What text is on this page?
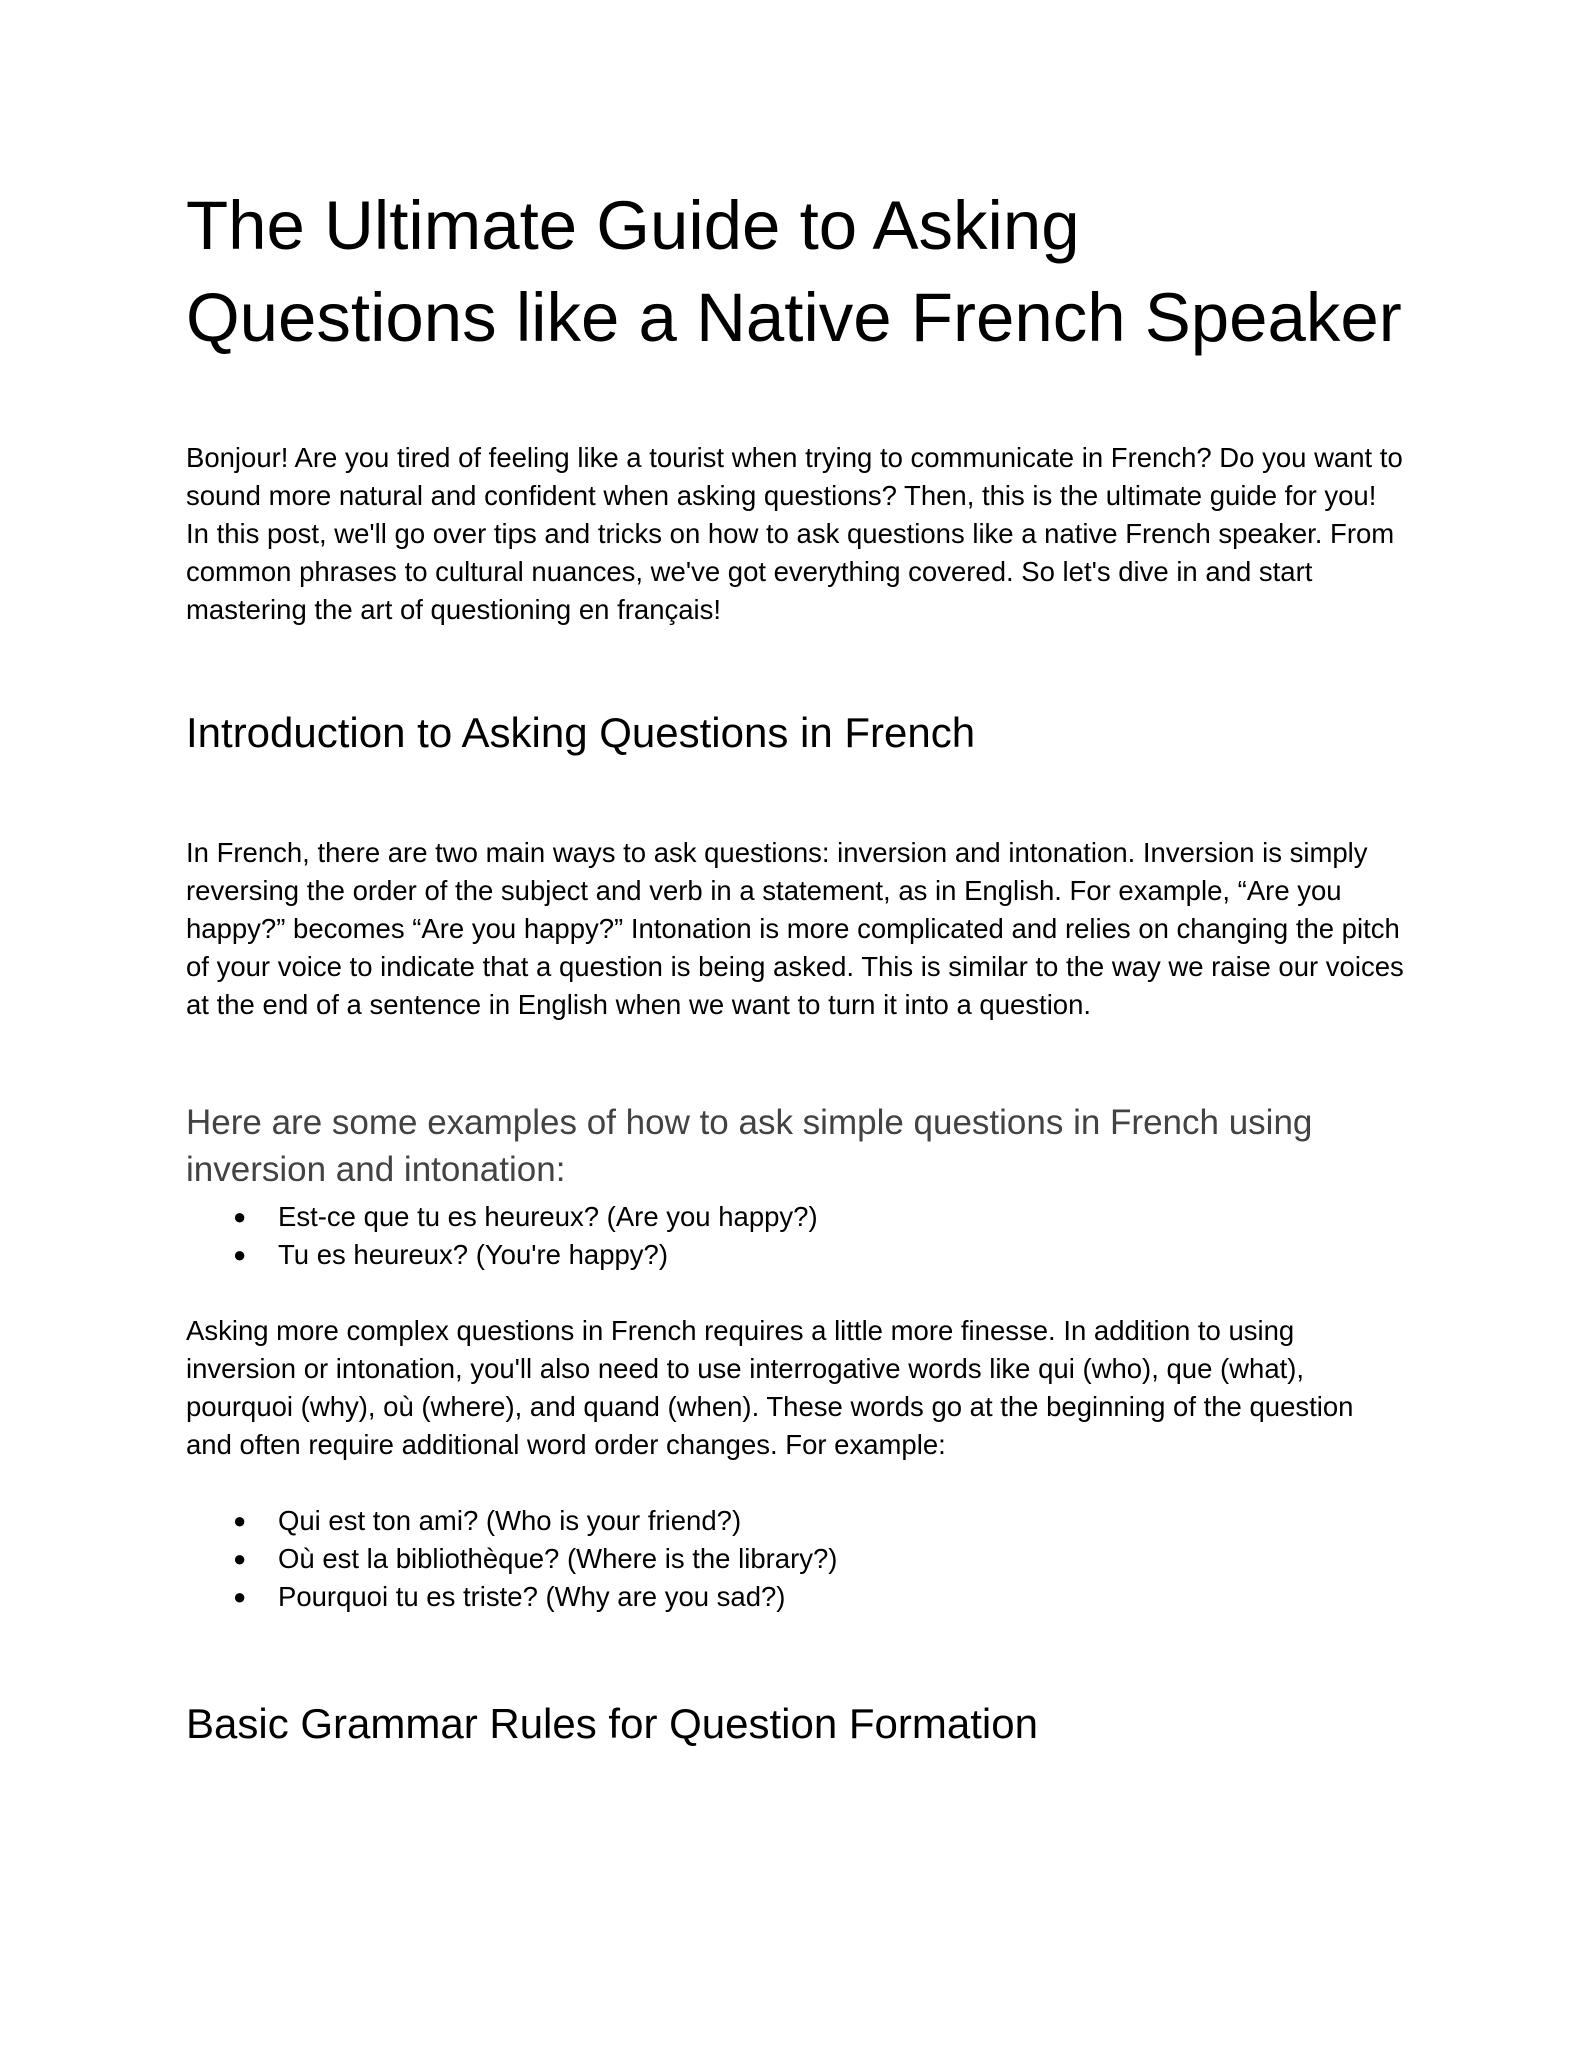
The Ultimate Guide to Asking Questions like a Native French Speaker

Bonjour! Are you tired of feeling like a tourist when trying to communicate in French? Do you want to sound more natural and confident when asking questions? Then, this is the ultimate guide for you! In this post, we'll go over tips and tricks on how to ask questions like a native French speaker. From common phrases to cultural nuances, we've got everything covered. So let's dive in and start mastering the art of questioning en français!

Introduction to Asking Questions in French

In French, there are two main ways to ask questions: inversion and intonation. Inversion is simply reversing the order of the subject and verb in a statement, as in English. For example, “Are you happy?” becomes “Are you happy?” Intonation is more complicated and relies on changing the pitch of your voice to indicate that a question is being asked. This is similar to the way we raise our voices at the end of a sentence in English when we want to turn it into a question.

Here are some examples of how to ask simple questions in French using inversion and intonation:
● Est-ce que tu es heureux? (Are you happy?)
● Tu es heureux? (You're happy?)

Asking more complex questions in French requires a little more finesse. In addition to using inversion or intonation, you'll also need to use interrogative words like qui (who), que (what), pourquoi (why), où (where), and quand (when). These words go at the beginning of the question and often require additional word order changes. For example:

● Qui est ton ami? (Who is your friend?)
● Où est la bibliothèque? (Where is the library?)
● Pourquoi tu es triste? (Why are you sad?)
Basic Grammar Rules for Question Formation
